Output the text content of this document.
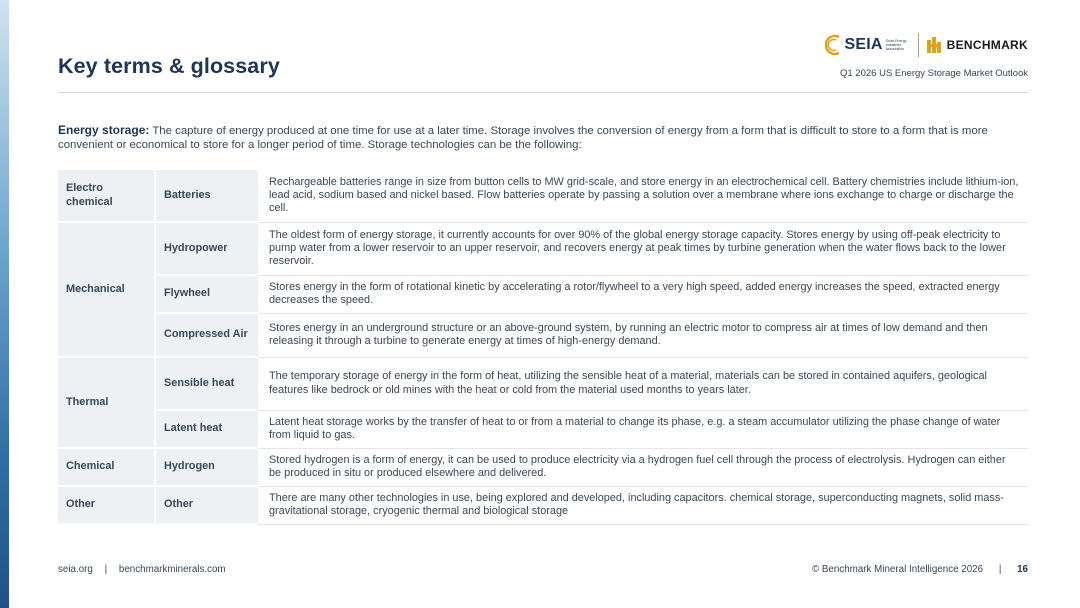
Key terms & glossary
SEIA Solar Energy Industries Association	BENCHMARK
Q1 2026 US Energy Storage Market Outlook

Energy storage: The capture of energy produced at one time for use at a later time. Storage involves the conversion of energy from a form that is difficult to store to a form that is more convenient or economical to store for a longer period of time. Storage technologies can be the following:

Electro chemical	Batteries	Rechargeable batteries range in size from button cells to MW grid-scale, and store energy in an electrochemical cell. Battery chemistries include lithium-ion, lead acid, sodium based and nickel based. Flow batteries operate by passing a solution over a membrane where ions exchange to charge or discharge the cell.
Mechanical	Hydropower	The oldest form of energy storage, it currently accounts for over 90% of the global energy storage capacity. Stores energy by using off-peak electricity to pump water from a lower reservoir to an upper reservoir, and recovers energy at peak times by turbine generation when the water flows back to the lower reservoir.
	Flywheel	Stores energy in the form of rotational kinetic by accelerating a rotor/flywheel to a very high speed, added energy increases the speed, extracted energy decreases the speed.
	Compressed Air	Stores energy in an underground structure or an above-ground system, by running an electric motor to compress air at times of low demand and then releasing it through a turbine to generate energy at times of high-energy demand.
Thermal	Sensible heat	The temporary storage of energy in the form of heat, utilizing the sensible heat of a material, materials can be stored in contained aquifers, geological features like bedrock or old mines with the heat or cold from the material used months to years later.
	Latent heat	Latent heat storage works by the transfer of heat to or from a material to change its phase, e.g. a steam accumulator utilizing the phase change of water from liquid to gas.
Chemical	Hydrogen	Stored hydrogen is a form of energy, it can be used to produce electricity via a hydrogen fuel cell through the process of electrolysis. Hydrogen can either be produced in situ or produced elsewhere and delivered.
Other	Other	There are many other technologies in use, being explored and developed, including capacitors. chemical storage, superconducting magnets, solid mass-gravitational storage, cryogenic thermal and biological storage
seia.org | benchmarkminerals.com	© Benchmark Mineral Intelligence 2026 | 16
